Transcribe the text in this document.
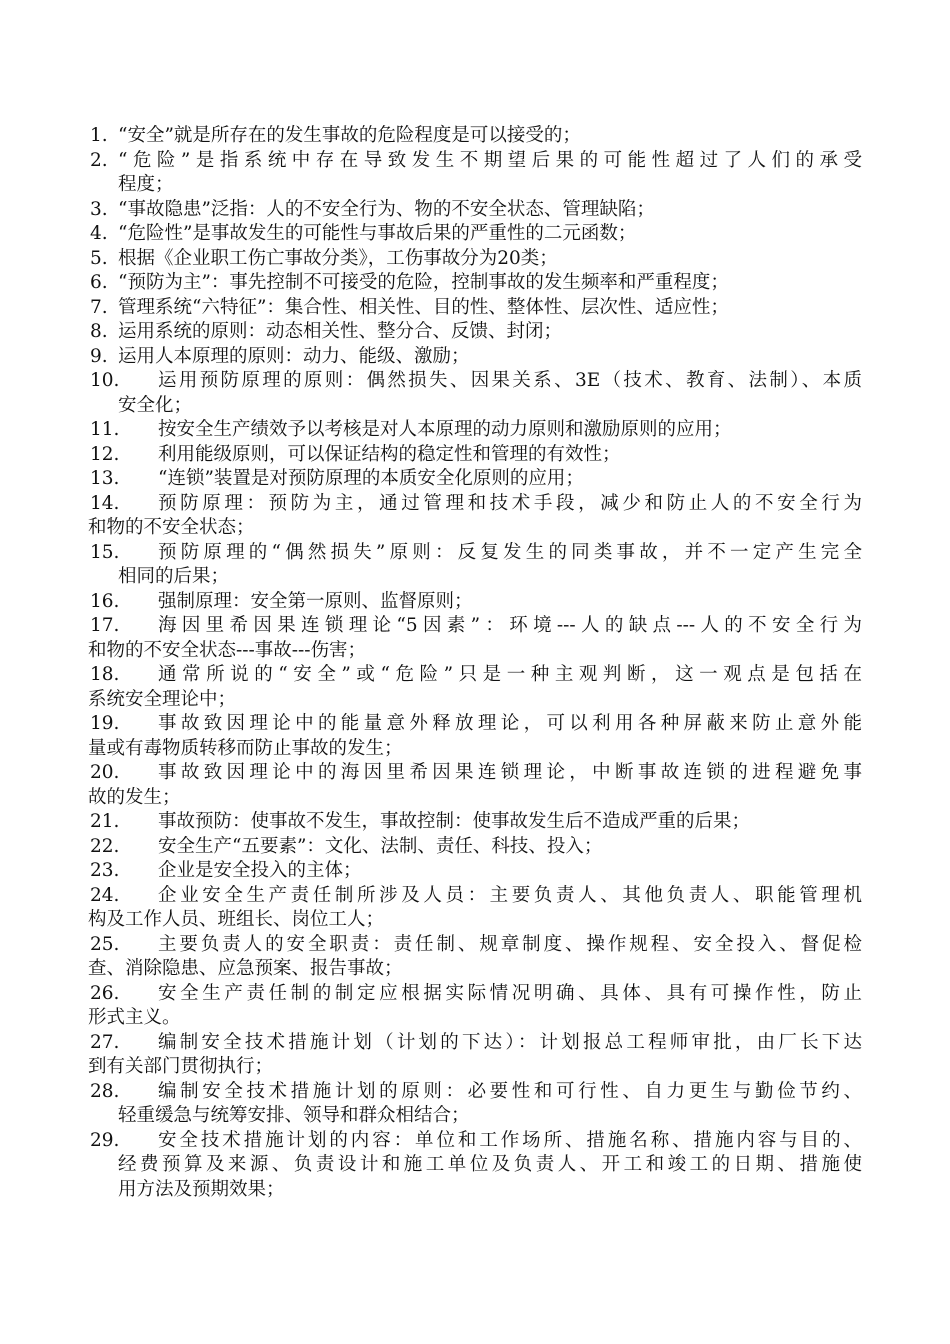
1. “安全”就是所存在的发生事故的危险程度是可以接受的；
2. “危险”是指系统中存在导致发生不期望后果的可能性超过了人们的承受
程度；
3. “事故隐患”泛指：人的不安全行为、物的不安全状态、管理缺陷；
4. “危险性”是事故发生的可能性与事故后果的严重性的二元函数；
5. 根据《企业职工伤亡事故分类》，工伤事故分为20类；
6. “预防为主”：事先控制不可接受的危险，控制事故的发生频率和严重程度；
7. 管理系统“六特征”：集合性、相关性、目的性、整体性、层次性、适应性；
8. 运用系统的原则：动态相关性、整分合、反馈、封闭；
9. 运用人本原理的原则：动力、能级、激励；
10.	运用预防原理的原则：偶然损失、因果关系、3E（技术、教育、法制）、本质
安全化；
11.	按安全生产绩效予以考核是对人本原理的动力原则和激励原则的应用；
12.	利用能级原则，可以保证结构的稳定性和管理的有效性；
13.	“连锁”装置是对预防原理的本质安全化原则的应用；
14.	预防原理：预防为主，通过管理和技术手段，减少和防止人的不安全行为
和物的不安全状态；
15.	预防原理的“偶然损失”原则：反复发生的同类事故，并不一定产生完全
相同的后果；
16.	强制原理：安全第一原则、监督原则；
17.	海因里希因果连锁理论“5因素”：环境---人的缺点---人的不安全行为
和物的不安全状态---事故---伤害；
18.	通常所说的“安全”或“危险”只是一种主观判断，这一观点是包括在
系统安全理论中；
19.	事故致因理论中的能量意外释放理论，可以利用各种屏蔽来防止意外能
量或有毒物质转移而防止事故的发生；
20.	事故致因理论中的海因里希因果连锁理论，中断事故连锁的进程避免事
故的发生；
21.	事故预防：使事故不发生，事故控制：使事故发生后不造成严重的后果；
22.	安全生产“五要素”：文化、法制、责任、科技、投入；
23.	企业是安全投入的主体；
24.	企业安全生产责任制所涉及人员：主要负责人、其他负责人、职能管理机
构及工作人员、班组长、岗位工人；
25.	主要负责人的安全职责：责任制、规章制度、操作规程、安全投入、督促检
查、消除隐患、应急预案、报告事故；
26.	安全生产责任制的制定应根据实际情况明确、具体、具有可操作性，防止
形式主义。
27.	编制安全技术措施计划（计划的下达）：计划报总工程师审批，由厂长下达
到有关部门贯彻执行；
28.	编制安全技术措施计划的原则：必要性和可行性、自力更生与勤俭节约、
轻重缓急与统筹安排、领导和群众相结合；
29.	安全技术措施计划的内容：单位和工作场所、措施名称、措施内容与目的、
经费预算及来源、负责设计和施工单位及负责人、开工和竣工的日期、措施使
用方法及预期效果；
